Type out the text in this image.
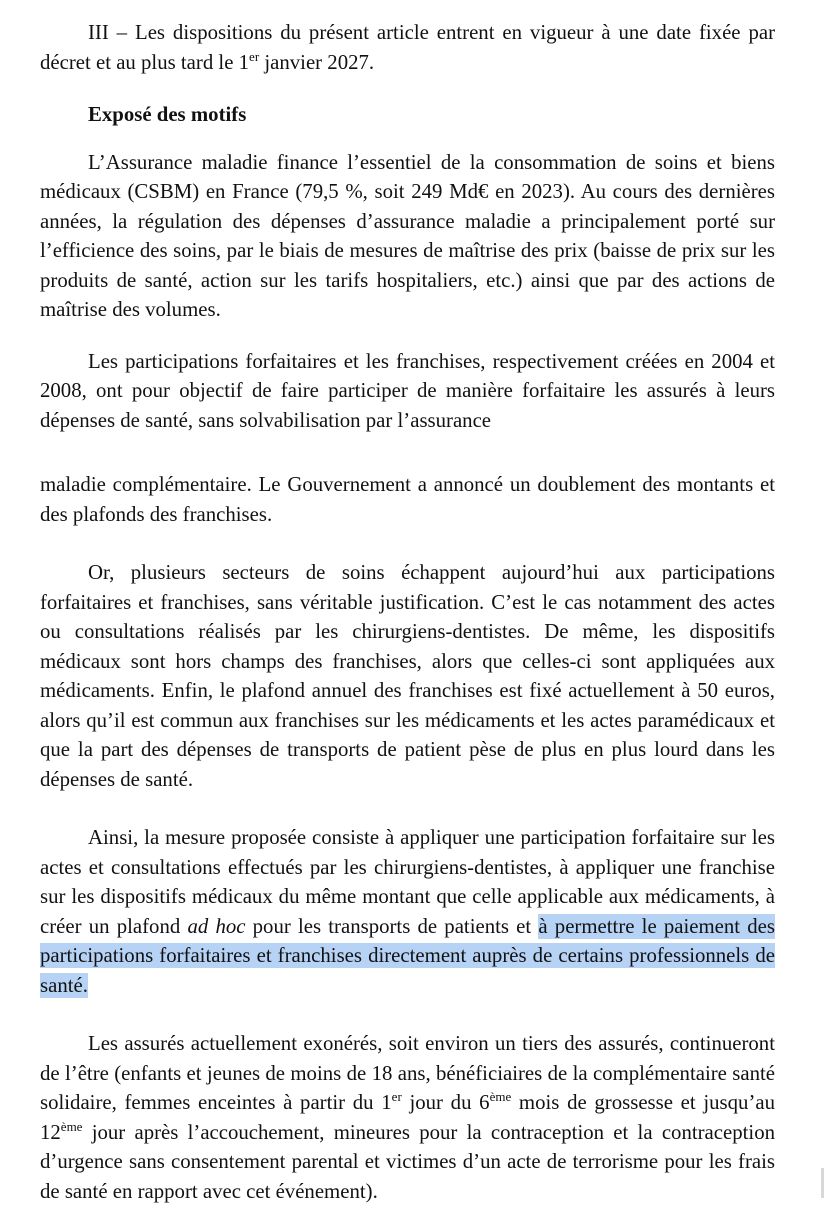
III – Les dispositions du présent article entrent en vigueur à une date fixée par décret et au plus tard le 1er janvier 2027.

Exposé des motifs

L’Assurance maladie finance l’essentiel de la consommation de soins et biens médicaux (CSBM) en France (79,5 %, soit 249 Md€ en 2023). Au cours des dernières années, la régulation des dépenses d’assurance maladie a principalement porté sur l’efficience des soins, par le biais de mesures de maîtrise des prix (baisse de prix sur les produits de santé, action sur les tarifs hospitaliers, etc.) ainsi que par des actions de maîtrise des volumes.

Les participations forfaitaires et les franchises, respectivement créées en 2004 et 2008, ont pour objectif de faire participer de manière forfaitaire les assurés à leurs dépenses de santé, sans solvabilisation par l’assurance

maladie complémentaire. Le Gouvernement a annoncé un doublement des montants et des plafonds des franchises.

Or, plusieurs secteurs de soins échappent aujourd’hui aux participations forfaitaires et franchises, sans véritable justification. C’est le cas notamment des actes ou consultations réalisés par les chirurgiens-dentistes. De même, les dispositifs médicaux sont hors champs des franchises, alors que celles-ci sont appliquées aux médicaments. Enfin, le plafond annuel des franchises est fixé actuellement à 50 euros, alors qu’il est commun aux franchises sur les médicaments et les actes paramédicaux et que la part des dépenses de transports de patient pèse de plus en plus lourd dans les dépenses de santé.

Ainsi, la mesure proposée consiste à appliquer une participation forfaitaire sur les actes et consultations effectués par les chirurgiens-dentistes, à appliquer une franchise sur les dispositifs médicaux du même montant que celle applicable aux médicaments, à créer un plafond ad hoc pour les transports de patients et à permettre le paiement des participations forfaitaires et franchises directement auprès de certains professionnels de santé.

Les assurés actuellement exonérés, soit environ un tiers des assurés, continueront de l’être (enfants et jeunes de moins de 18 ans, bénéficiaires de la complémentaire santé solidaire, femmes enceintes à partir du 1er jour du 6ème mois de grossesse et jusqu’au 12ème jour après l’accouchement, mineures pour la contraception et la contraception d’urgence sans consentement parental et victimes d’un acte de terrorisme pour les frais de santé en rapport avec cet événement).
